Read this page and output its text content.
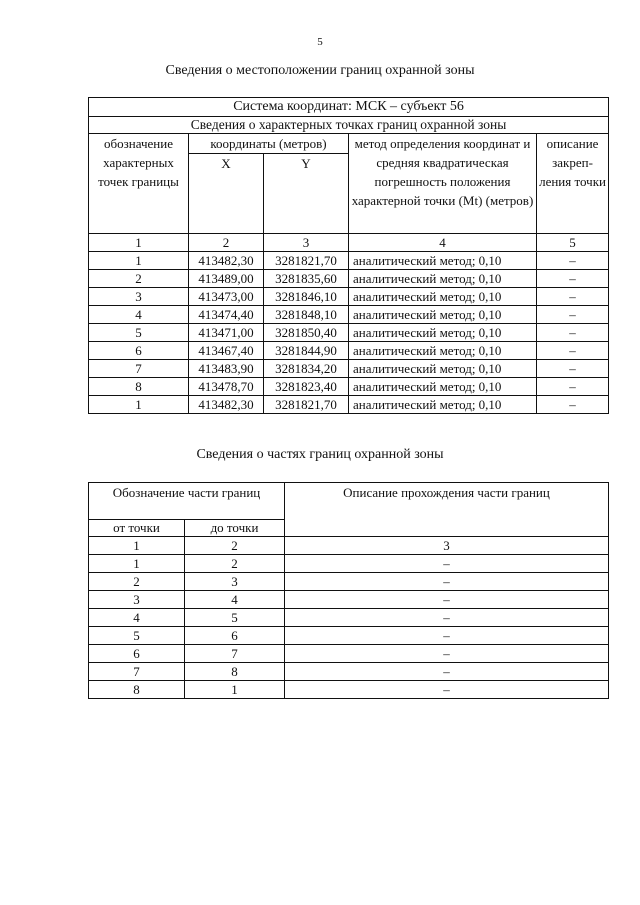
5
Сведения о местоположении границ охранной зоны
Система координат: МСК – субъект 56				
Сведения о характерных точках границ охранной зоны				
обозначение характерных точек границы	координаты (метров)		метод определения координат и средняя квадратическая погрешность положения характерной точки (Mt) (метров)	описание закреп-ления точки
	X	Y		
1	2	3	4	5
1	413482,30	3281821,70	аналитический метод; 0,10	–
2	413489,00	3281835,60	аналитический метод; 0,10	–
3	413473,00	3281846,10	аналитический метод; 0,10	–
4	413474,40	3281848,10	аналитический метод; 0,10	–
5	413471,00	3281850,40	аналитический метод; 0,10	–
6	413467,40	3281844,90	аналитический метод; 0,10	–
7	413483,90	3281834,20	аналитический метод; 0,10	–
8	413478,70	3281823,40	аналитический метод; 0,10	–
1	413482,30	3281821,70	аналитический метод; 0,10	–
Сведения о частях границ охранной зоны
Обозначение части границ		Описание прохождения части границ
от точки	до точки	
1	2	3
1	2	–
2	3	–
3	4	–
4	5	–
5	6	–
6	7	–
7	8	–
8	1	–
